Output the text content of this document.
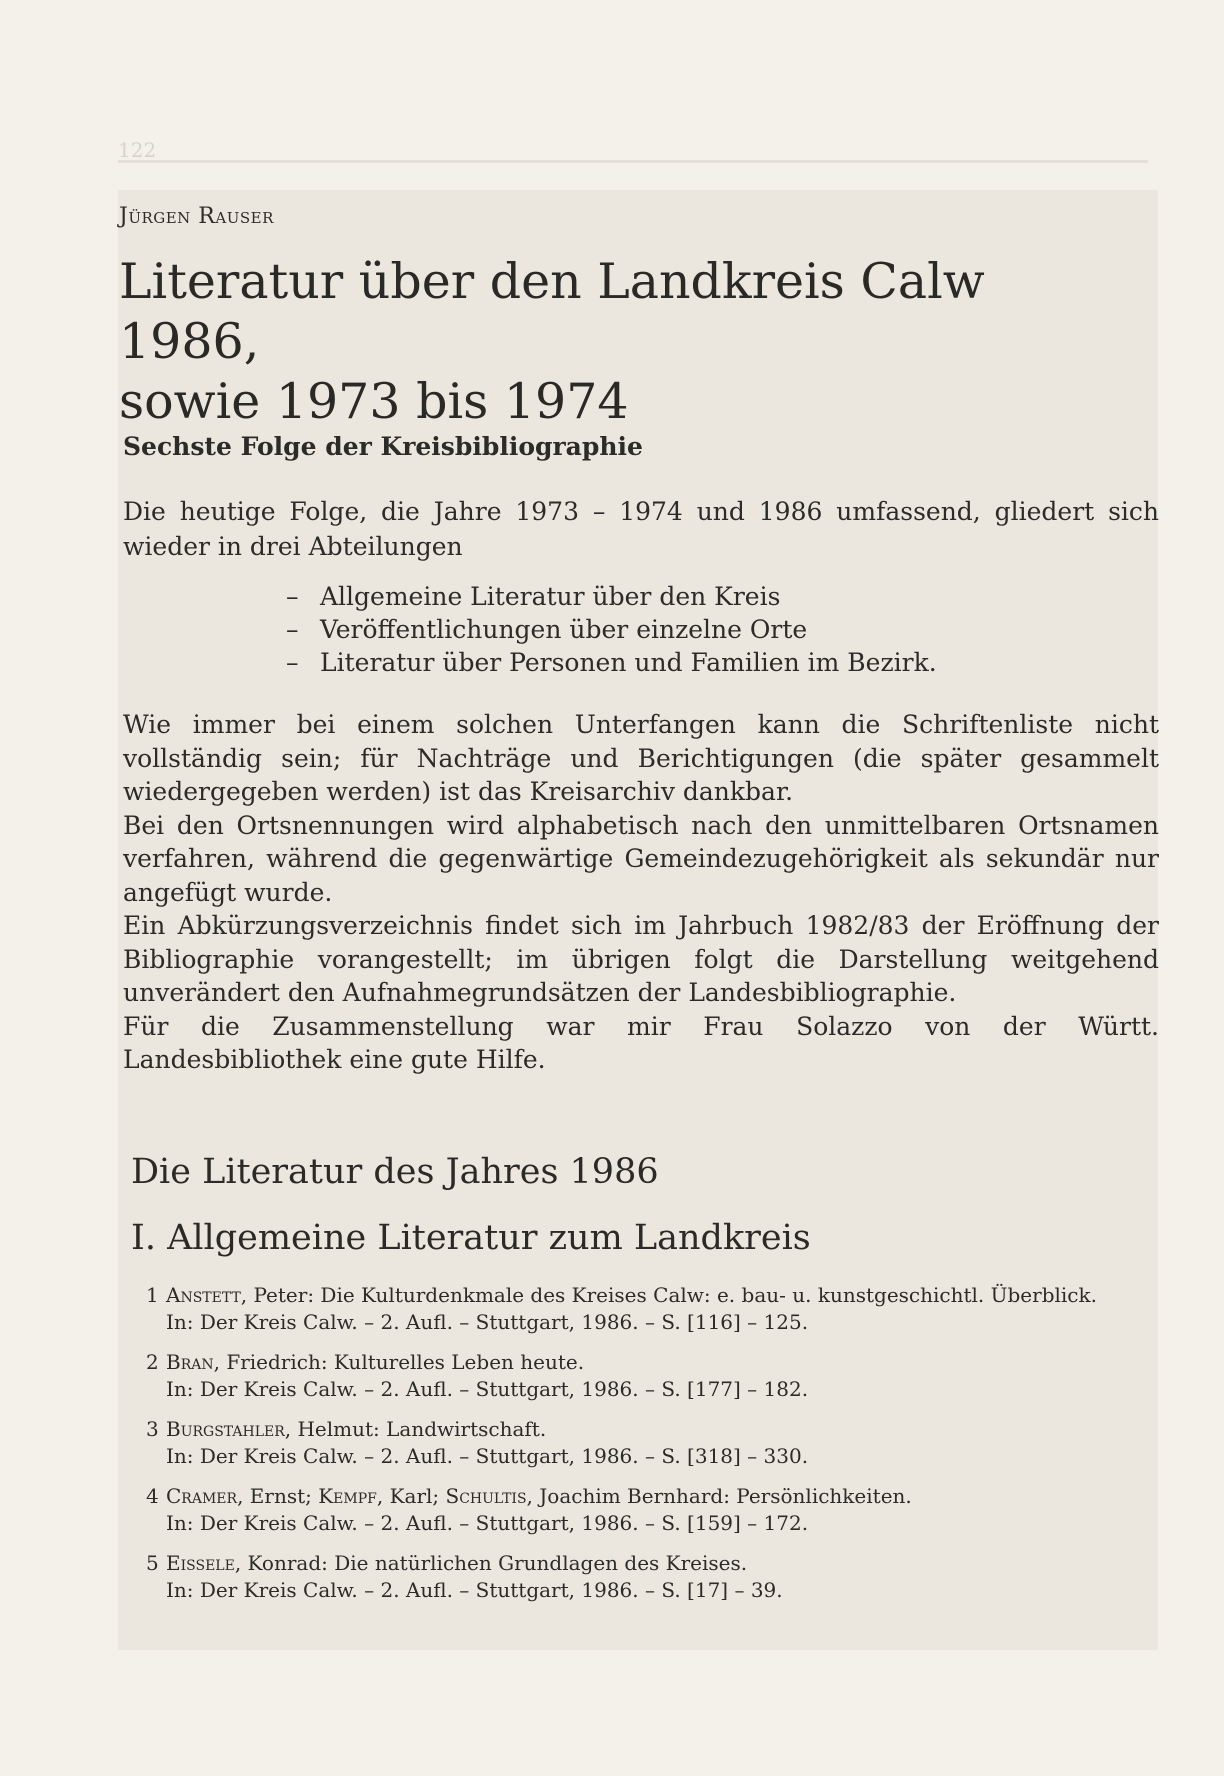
122
Jürgen Rauser
Literatur über den Landkreis Calw 1986,
sowie 1973 bis 1974
Sechste Folge der Kreisbibliographie

Die heutige Folge, die Jahre 1973 – 1974 und 1986 umfassend, gliedert sich wieder in drei Abteilungen

– Allgemeine Literatur über den Kreis
– Veröffentlichungen über einzelne Orte
– Literatur über Personen und Familien im Bezirk.

Wie immer bei einem solchen Unterfangen kann die Schriftenliste nicht vollständig sein; für Nachträge und Berichtigungen (die später gesammelt wiedergegeben werden) ist das Kreisarchiv dankbar.

Bei den Ortsnennungen wird alphabetisch nach den unmittelbaren Ortsnamen verfahren, während die gegenwärtige Gemeindezugehörigkeit als sekundär nur angefügt wurde.

Ein Abkürzungsverzeichnis findet sich im Jahrbuch 1982/83 der Eröffnung der Bibliographie vorangestellt; im übrigen folgt die Darstellung weitgehend unverändert den Aufnahmegrundsätzen der Landesbibliographie.

Für die Zusammenstellung war mir Frau Solazzo von der Württ. Landesbibliothek eine gute Hilfe.

Die Literatur des Jahres 1986
I. Allgemeine Literatur zum Landkreis
1 Anstett, Peter: Die Kulturdenkmale des Kreises Calw: e. bau- u. kunstgeschichtl. Überblick.
In: Der Kreis Calw. – 2. Aufl. – Stuttgart, 1986. – S. [116] – 125.
2 Bran, Friedrich: Kulturelles Leben heute.
In: Der Kreis Calw. – 2. Aufl. – Stuttgart, 1986. – S. [177] – 182.
3 Burgstahler, Helmut: Landwirtschaft.
In: Der Kreis Calw. – 2. Aufl. – Stuttgart, 1986. – S. [318] – 330.
4 Cramer, Ernst; Kempf, Karl; Schultis, Joachim Bernhard: Persönlichkeiten.
In: Der Kreis Calw. – 2. Aufl. – Stuttgart, 1986. – S. [159] – 172.
5 Eissele, Konrad: Die natürlichen Grundlagen des Kreises.
In: Der Kreis Calw. – 2. Aufl. – Stuttgart, 1986. – S. [17] – 39.
